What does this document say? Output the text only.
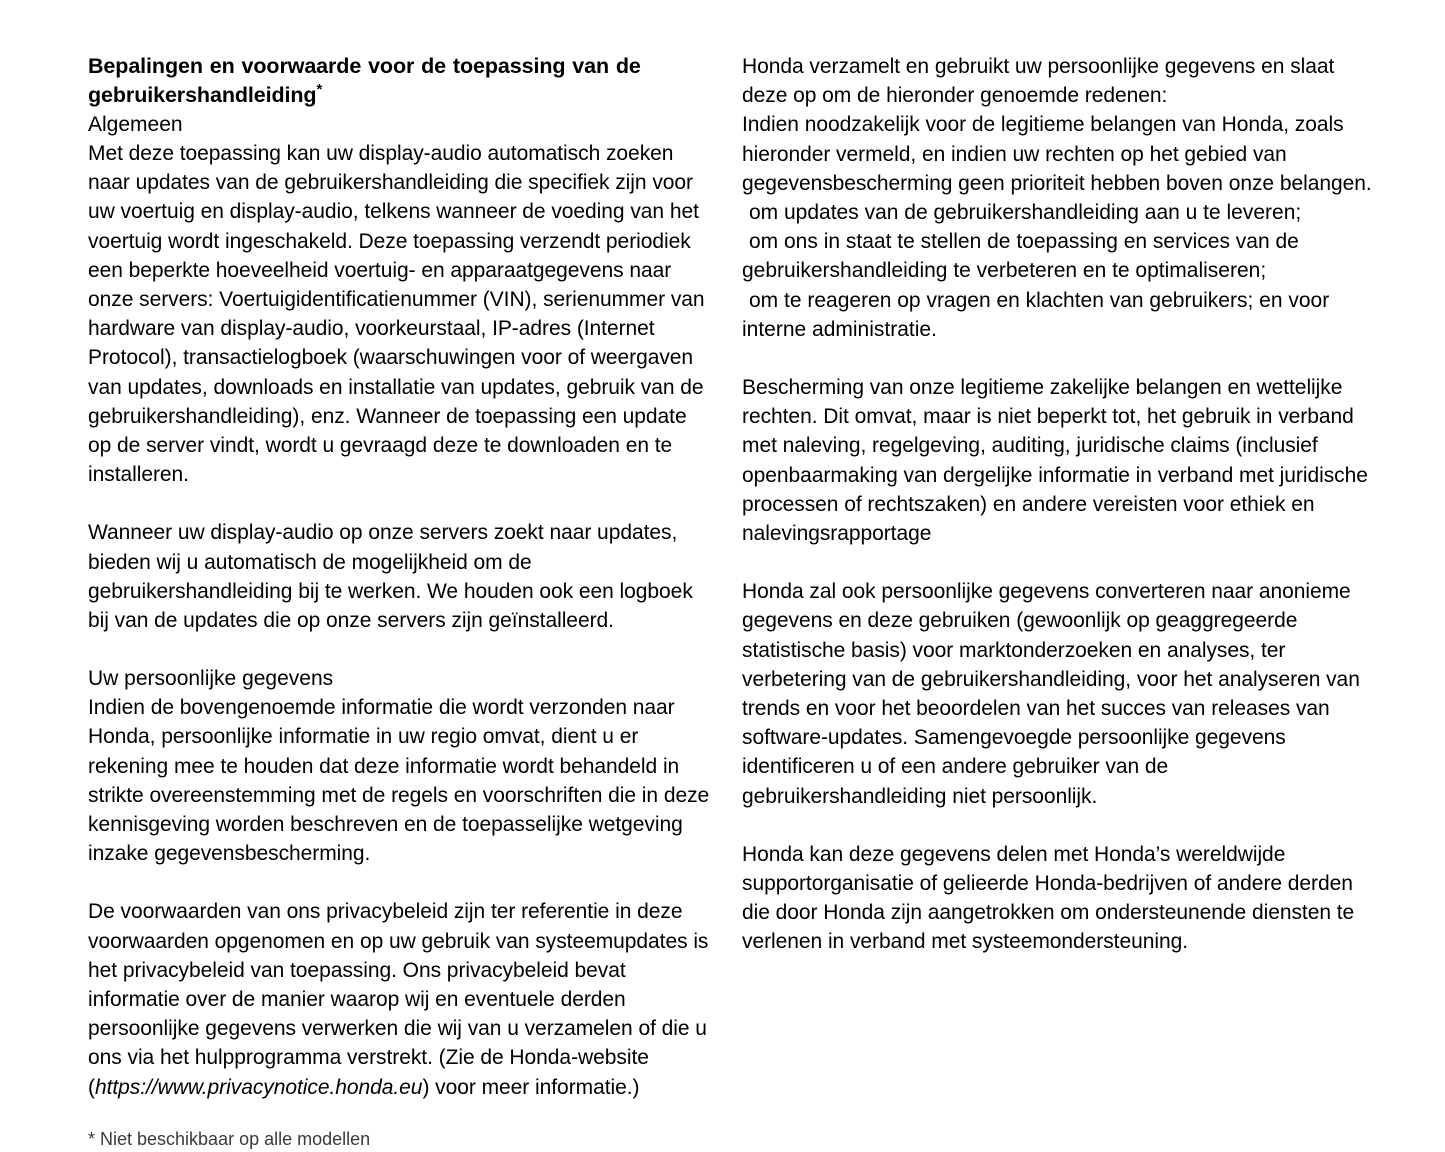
Bepalingen en voorwaarde voor de toepassing van de gebruikershandleiding*

Algemeen

Met deze toepassing kan uw display-audio automatisch zoeken naar updates van de gebruikershandleiding die specifiek zijn voor uw voertuig en display-audio, telkens wanneer de voeding van het voertuig wordt ingeschakeld. Deze toepassing verzendt periodiek een beperkte hoeveelheid voertuig- en apparaatgegevens naar onze servers: Voertuigidentificatienummer (VIN), serienummer van hardware van display-audio, voorkeurstaal, IP-adres (Internet Protocol), transactielogboek (waarschuwingen voor of weergaven van updates, downloads en installatie van updates, gebruik van de gebruikershandleiding), enz. Wanneer de toepassing een update op de server vindt, wordt u gevraagd deze te downloaden en te installeren.

Wanneer uw display-audio op onze servers zoekt naar updates, bieden wij u automatisch de mogelijkheid om de gebruikershandleiding bij te werken. We houden ook een logboek bij van de updates die op onze servers zijn geïnstalleerd.

Uw persoonlijke gegevens

Indien de bovengenoemde informatie die wordt verzonden naar Honda, persoonlijke informatie in uw regio omvat, dient u er rekening mee te houden dat deze informatie wordt behandeld in strikte overeenstemming met de regels en voorschriften die in deze kennisgeving worden beschreven en de toepasselijke wetgeving inzake gegevensbescherming.

De voorwaarden van ons privacybeleid zijn ter referentie in deze voorwaarden opgenomen en op uw gebruik van systeemupdates is het privacybeleid van toepassing. Ons privacybeleid bevat informatie over de manier waarop wij en eventuele derden persoonlijke gegevens verwerken die wij van u verzamelen of die u ons via het hulpprogramma verstrekt. (Zie de Honda-website (https://www.privacynotice.honda.eu) voor meer informatie.)

* Niet beschikbaar op alle modellen

Honda verzamelt en gebruikt uw persoonlijke gegevens en slaat deze op om de hieronder genoemde redenen:

Indien noodzakelijk voor de legitieme belangen van Honda, zoals hieronder vermeld, en indien uw rechten op het gebied van gegevensbescherming geen prioriteit hebben boven onze belangen.

om updates van de gebruikershandleiding aan u te leveren;

om ons in staat te stellen de toepassing en services van de gebruikershandleiding te verbeteren en te optimaliseren;

om te reageren op vragen en klachten van gebruikers; en voor interne administratie.

Bescherming van onze legitieme zakelijke belangen en wettelijke rechten. Dit omvat, maar is niet beperkt tot, het gebruik in verband met naleving, regelgeving, auditing, juridische claims (inclusief openbaarmaking van dergelijke informatie in verband met juridische processen of rechtszaken) en andere vereisten voor ethiek en nalevingsrapportage

Honda zal ook persoonlijke gegevens converteren naar anonieme gegevens en deze gebruiken (gewoonlijk op geaggregeerde statistische basis) voor marktonderzoeken en analyses, ter verbetering van de gebruikershandleiding, voor het analyseren van trends en voor het beoordelen van het succes van releases van software-updates. Samengevoegde persoonlijke gegevens identificeren u of een andere gebruiker van de gebruikershandleiding niet persoonlijk.

Honda kan deze gegevens delen met Honda’s wereldwijde supportorganisatie of gelieerde Honda-bedrijven of andere derden die door Honda zijn aangetrokken om ondersteunende diensten te verlenen in verband met systeemondersteuning.
